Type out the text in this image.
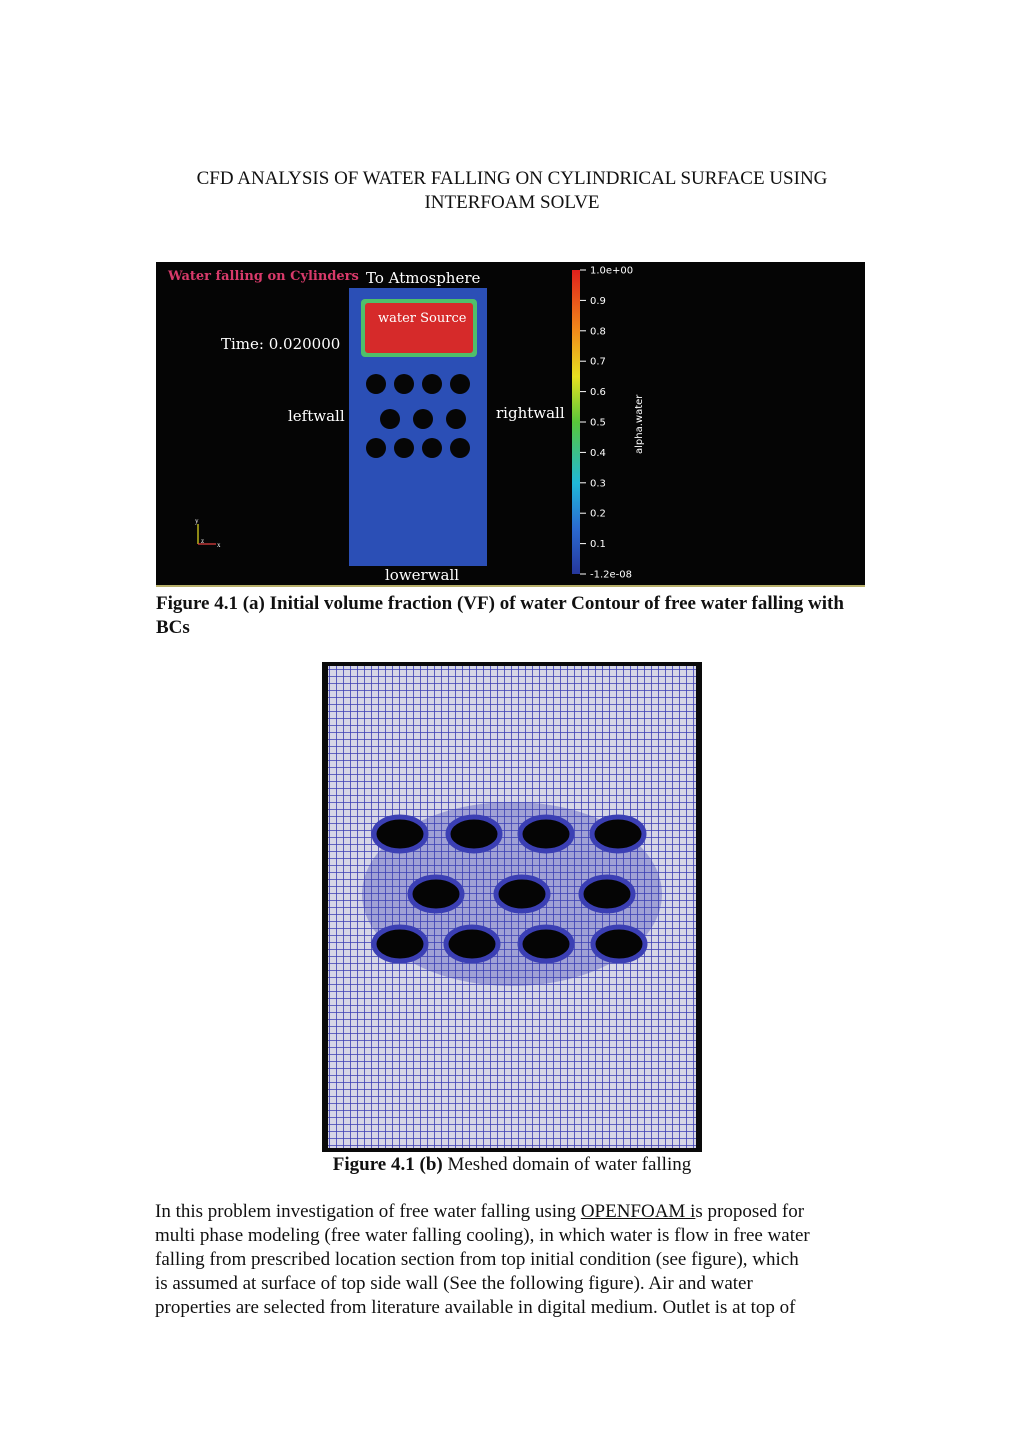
CFD ANALYSIS OF WATER FALLING ON CYLINDRICAL SURFACE USING
INTERFOAM SOLVE
Water falling on Cylinders To Atmosphere
water Source
Time: 0.020000
leftwall	rightwall
lowerwall
y
z x
1.0e+00
0.9
0.8
0.7
0.6
0.5
0.4
0.3
0.2
0.1
-1.2e-08
alpha.water
Figure 4.1 (a) Initial volume fraction (VF) of water Contour of free water falling with BCs
Figure 4.1 (b) Meshed domain of water falling
In this problem investigation of free water falling using OPENFOAM is proposed for
multi phase modeling (free water falling cooling), in which water is flow in free water
falling from prescribed location section from top initial condition (see figure), which
is assumed at surface of top side wall (See the following figure). Air and water
properties are selected from literature available in digital medium. Outlet is at top of
